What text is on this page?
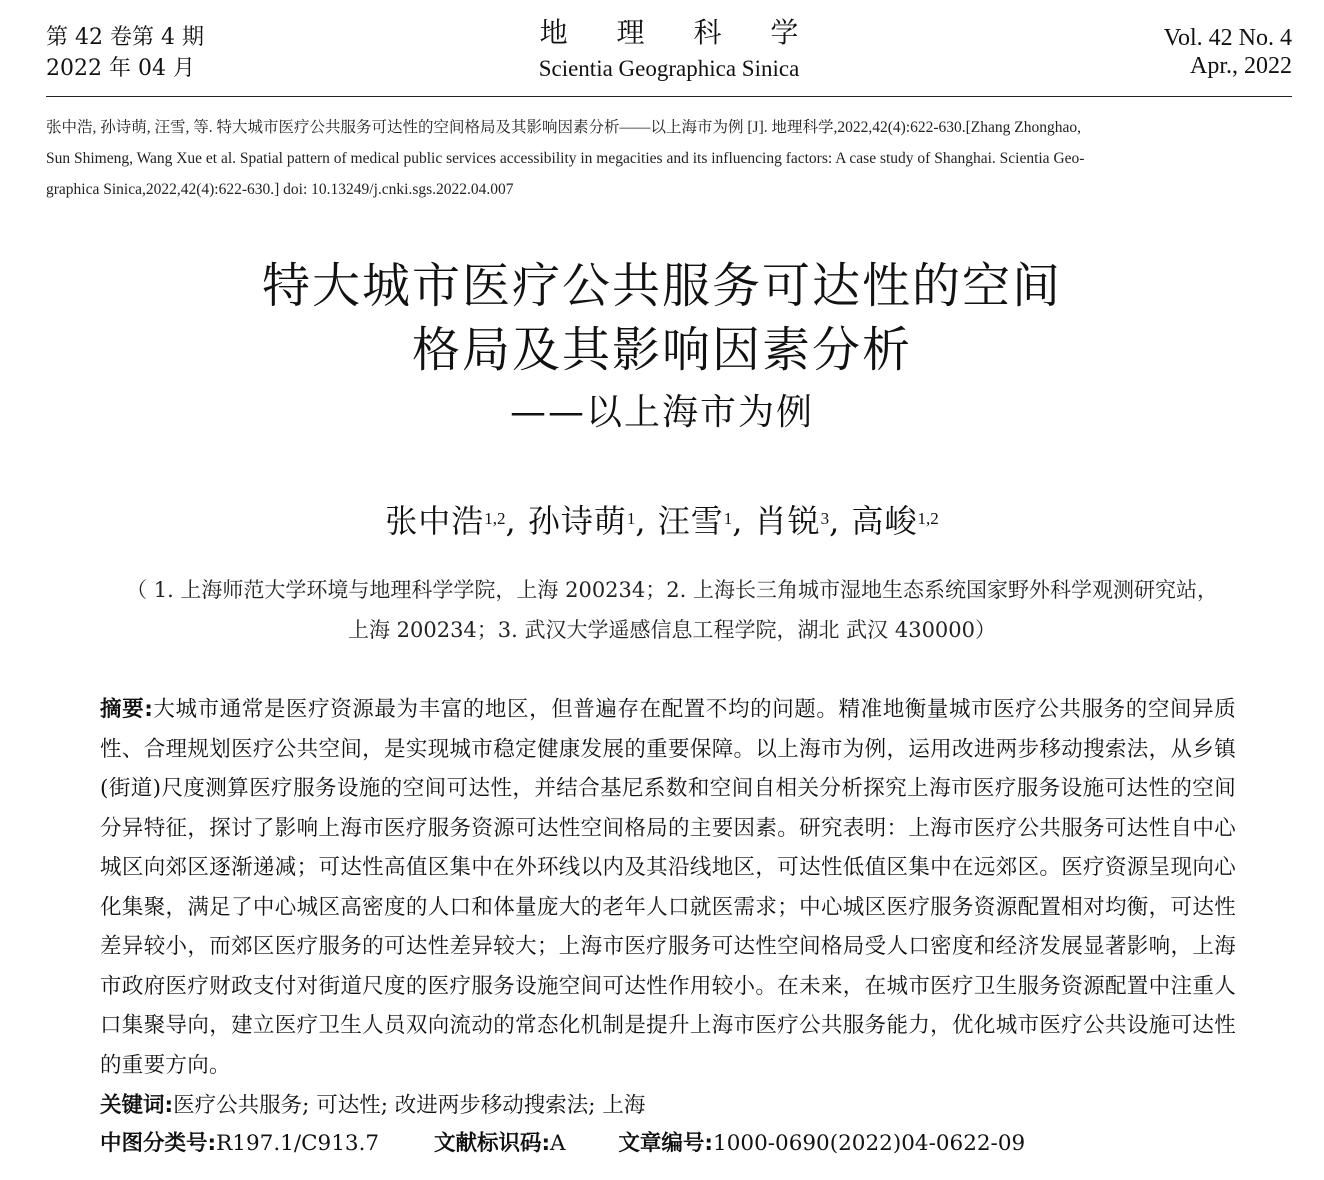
第 42 卷第 4 期
2022 年 04 月
地 理 科 学
Scientia Geographica Sinica
Vol. 42 No. 4
Apr., 2022
张中浩, 孙诗萌, 汪雪, 等. 特大城市医疗公共服务可达性的空间格局及其影响因素分析——以上海市为例 [J]. 地理科学,2022,42(4):622-630.[Zhang Zhonghao,
Sun Shimeng, Wang Xue et al. Spatial pattern of medical public services accessibility in megacities and its influencing factors: A case study of Shanghai. Scientia Geo-
graphica Sinica,2022,42(4):622-630.] doi: 10.13249/j.cnki.sgs.2022.04.007
特大城市医疗公共服务可达性的空间
格局及其影响因素分析
——以上海市为例
张中浩$^{1,2}$, 孙诗萌$^1$, 汪雪$^1$, 肖锐$^3$, 高峻$^{1,2}$
（ 1. 上海师范大学环境与地理科学学院，上海 200234；2. 上海长三角城市湿地生态系统国家野外科学观测研究站，
上海 200234；3. 武汉大学遥感信息工程学院，湖北 武汉 430000）
摘要:大城市通常是医疗资源最为丰富的地区，但普遍存在配置不均的问题。精准地衡量城市医疗公共服务的空间异质性、合理规划医疗公共空间，是实现城市稳定健康发展的重要保障。以上海市为例，运用改进两步移动搜索法，从乡镇(街道)尺度测算医疗服务设施的空间可达性，并结合基尼系数和空间自相关分析探究上海市医疗服务设施可达性的空间分异特征，探讨了影响上海市医疗服务资源可达性空间格局的主要因素。研究表明：上海市医疗公共服务可达性自中心城区向郊区逐渐递减；可达性高值区集中在外环线以内及其沿线地区，可达性低值区集中在远郊区。医疗资源呈现向心化集聚，满足了中心城区高密度的人口和体量庞大的老年人口就医需求；中心城区医疗服务资源配置相对均衡，可达性差异较小，而郊区医疗服务的可达性差异较大；上海市医疗服务可达性空间格局受人口密度和经济发展显著影响，上海市政府医疗财政支付对街道尺度的医疗服务设施空间可达性作用较小。在未来，在城市医疗卫生服务资源配置中注重人口集聚导向，建立医疗卫生人员双向流动的常态化机制是提升上海市医疗公共服务能力，优化城市医疗公共设施可达性的重要方向。
关键词:医疗公共服务; 可达性; 改进两步移动搜索法; 上海
中图分类号:R197.1/C913.7	文献标识码:A 文章编号:1000-0690(2022)04-0622-09
